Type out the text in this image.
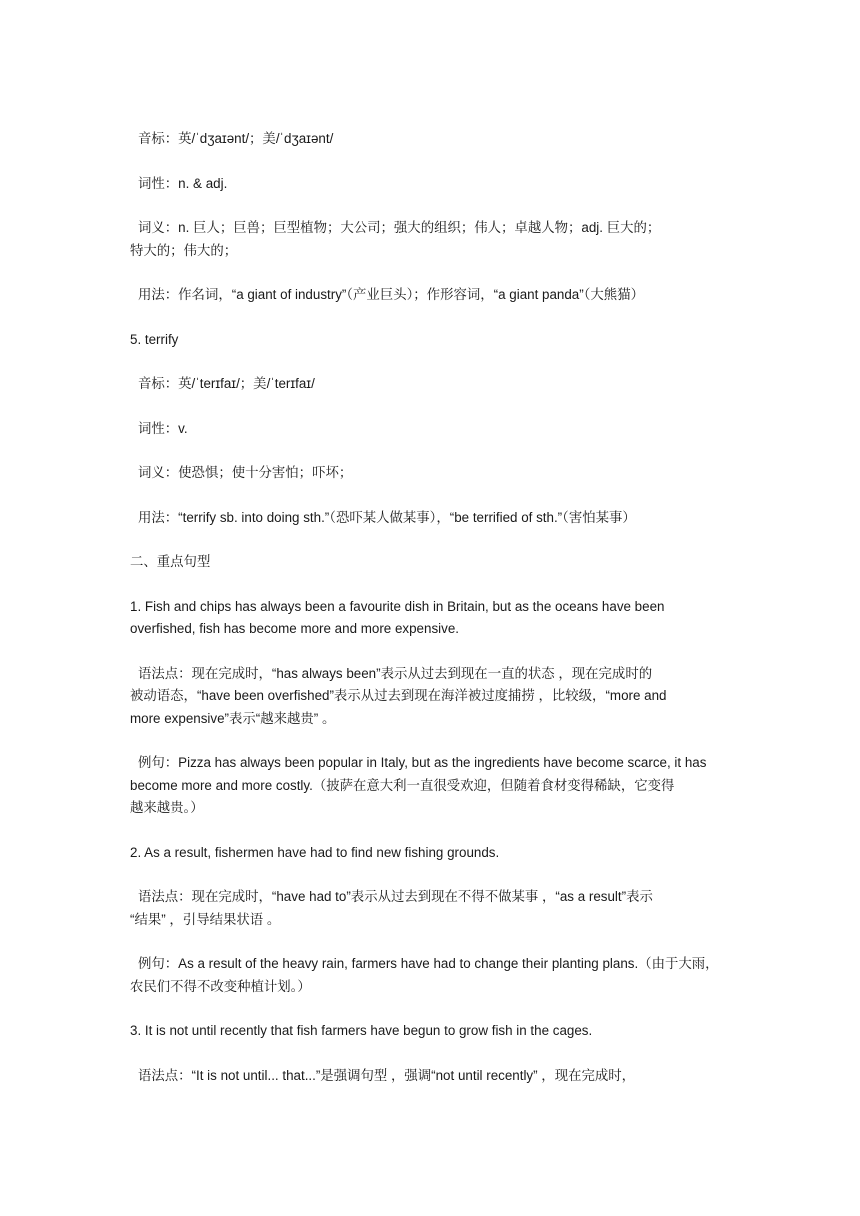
音标：英/ˈdʒaɪənt/；美/ˈdʒaɪənt/

词性：n. & adj.

词义：n. 巨人；巨兽；巨型植物；大公司；强大的组织；伟人；卓越人物；adj. 巨大的；
特大的；伟大的；

用法：作名词，“a giant of industry”（产业巨头）；作形容词，“a giant panda”（大熊猫）

5. terrify

音标：英/ˈterɪfaɪ/；美/ˈterɪfaɪ/

词性：v.

词义：使恐惧；使十分害怕；吓坏；

用法：“terrify sb. into doing sth.”（恐吓某人做某事），“be terrified of sth.”（害怕某事）

二、重点句型

1. Fish and chips has always been a favourite dish in Britain, but as the oceans have been
overfished, fish has become more and more expensive.

语法点：现在完成时，“has always been”表示从过去到现在一直的状态 ，现在完成时的
被动语态，“have been overfished”表示从过去到现在海洋被过度捕捞 ，比较级，“more and
more expensive”表示“越来越贵” 。

例句：Pizza has always been popular in Italy, but as the ingredients have become scarce, it has
become more and more costly.（披萨在意大利一直很受欢迎，但随着食材变得稀缺，它变得
越来越贵。）

2. As a result, fishermen have had to find new fishing grounds.

语法点：现在完成时，“have had to”表示从过去到现在不得不做某事 ，“as a result”表示
“结果” ，引导结果状语 。

例句：As a result of the heavy rain, farmers have had to change their planting plans.（由于大雨，
农民们不得不改变种植计划。）

3. It is not until recently that fish farmers have begun to grow fish in the cages.

语法点：“It is not until... that...”是强调句型 ，强调“not until recently” ，现在完成时，
